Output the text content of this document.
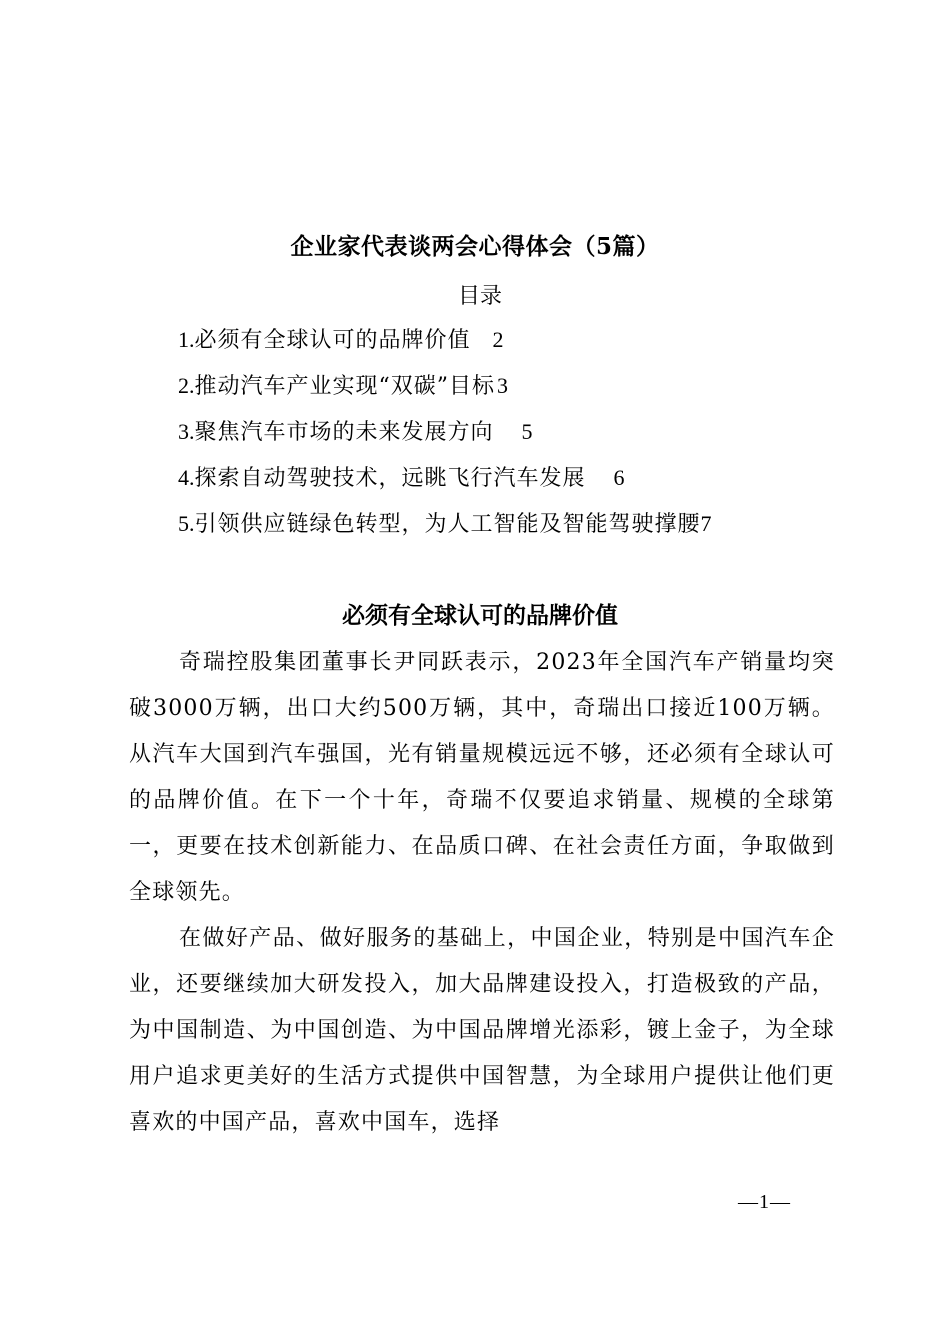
企业家代表谈两会心得体会（5篇）
目录
1.必须有全球认可的品牌价值 2
2.推动汽车产业实现“双碳”目标3
3.聚焦汽车市场的未来发展方向 5
4.探索自动驾驶技术，远眺飞行汽车发展 6
5.引领供应链绿色转型，为人工智能及智能驾驶撑腰7
必须有全球认可的品牌价值
奇瑞控股集团董事长尹同跃表示，2023年全国汽车产销量均突破3000万辆，出口大约500万辆，其中，奇瑞出口接近100万辆。从汽车大国到汽车强国，光有销量规模远远不够，还必须有全球认可的品牌价值。在下一个十年，奇瑞不仅要追求销量、规模的全球第一，更要在技术创新能力、在品质口碑、在社会责任方面，争取做到全球领先。
在做好产品、做好服务的基础上，中国企业，特别是中国汽车企业，还要继续加大研发投入，加大品牌建设投入，打造极致的产品，为中国制造、为中国创造、为中国品牌增光添彩，镀上金子，为全球用户追求更美好的生活方式提供中国智慧，为全球用户提供让他们更喜欢的中国产品，喜欢中国车，选择
—1—
